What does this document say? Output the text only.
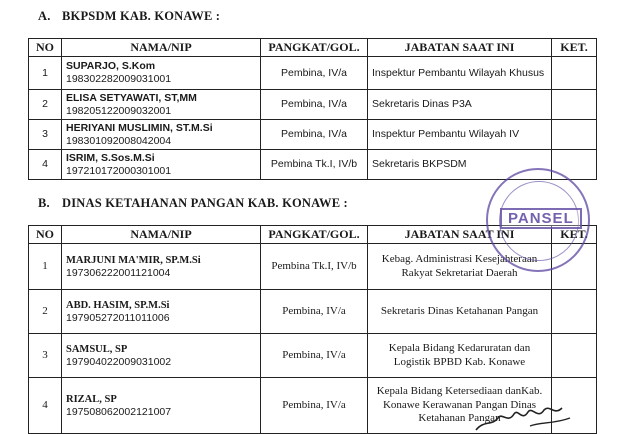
A. BKPSDM KAB. KONAWE :
NO	NAMA/NIP	PANGKAT/GOL.	JABATAN SAAT INI	KET.
1	SUPARJO, S.Kom
198302282009031001	Pembina, IV/a	Inspektur Pembantu Wilayah Khusus	
2	ELISA SETYAWATI, ST,MM
198205122009032001	Pembina, IV/a	Sekretaris Dinas P3A	
3	HERIYANI MUSLIMIN, ST.M.Si
198301092008042004	Pembina, IV/a	Inspektur Pembantu Wilayah IV	
4	ISRIM, S.Sos.M.Si
197210172000301001	Pembina Tk.I, IV/b	Sekretaris BKPSDM	
B. DINAS KETAHANAN PANGAN KAB. KONAWE :
NO	NAMA/NIP	PANGKAT/GOL.	JABATAN SAAT INI	KET.
1	MARJUNI MA'MIR, SP.M.Si
197306222001121004	Pembina Tk.I, IV/b	Kebag. Administrasi Kesejahteraan Rakyat Sekretariat Daerah	
2	ABD. HASIM, SP.M.Si
197905272011011006	Pembina, IV/a	Sekretaris Dinas Ketahanan Pangan	
3	SAMSUL, SP
197904022009031002	Pembina, IV/a	Kepala Bidang Kedaruratan dan Logistik BPBD Kab. Konawe	
4	RIZAL, SP
197508062002121007	Pembina, IV/a	Kepala Bidang Ketersediaan danKab. Konawe Kerawanan Pangan Dinas Ketahanan Pangan	
PANSEL
